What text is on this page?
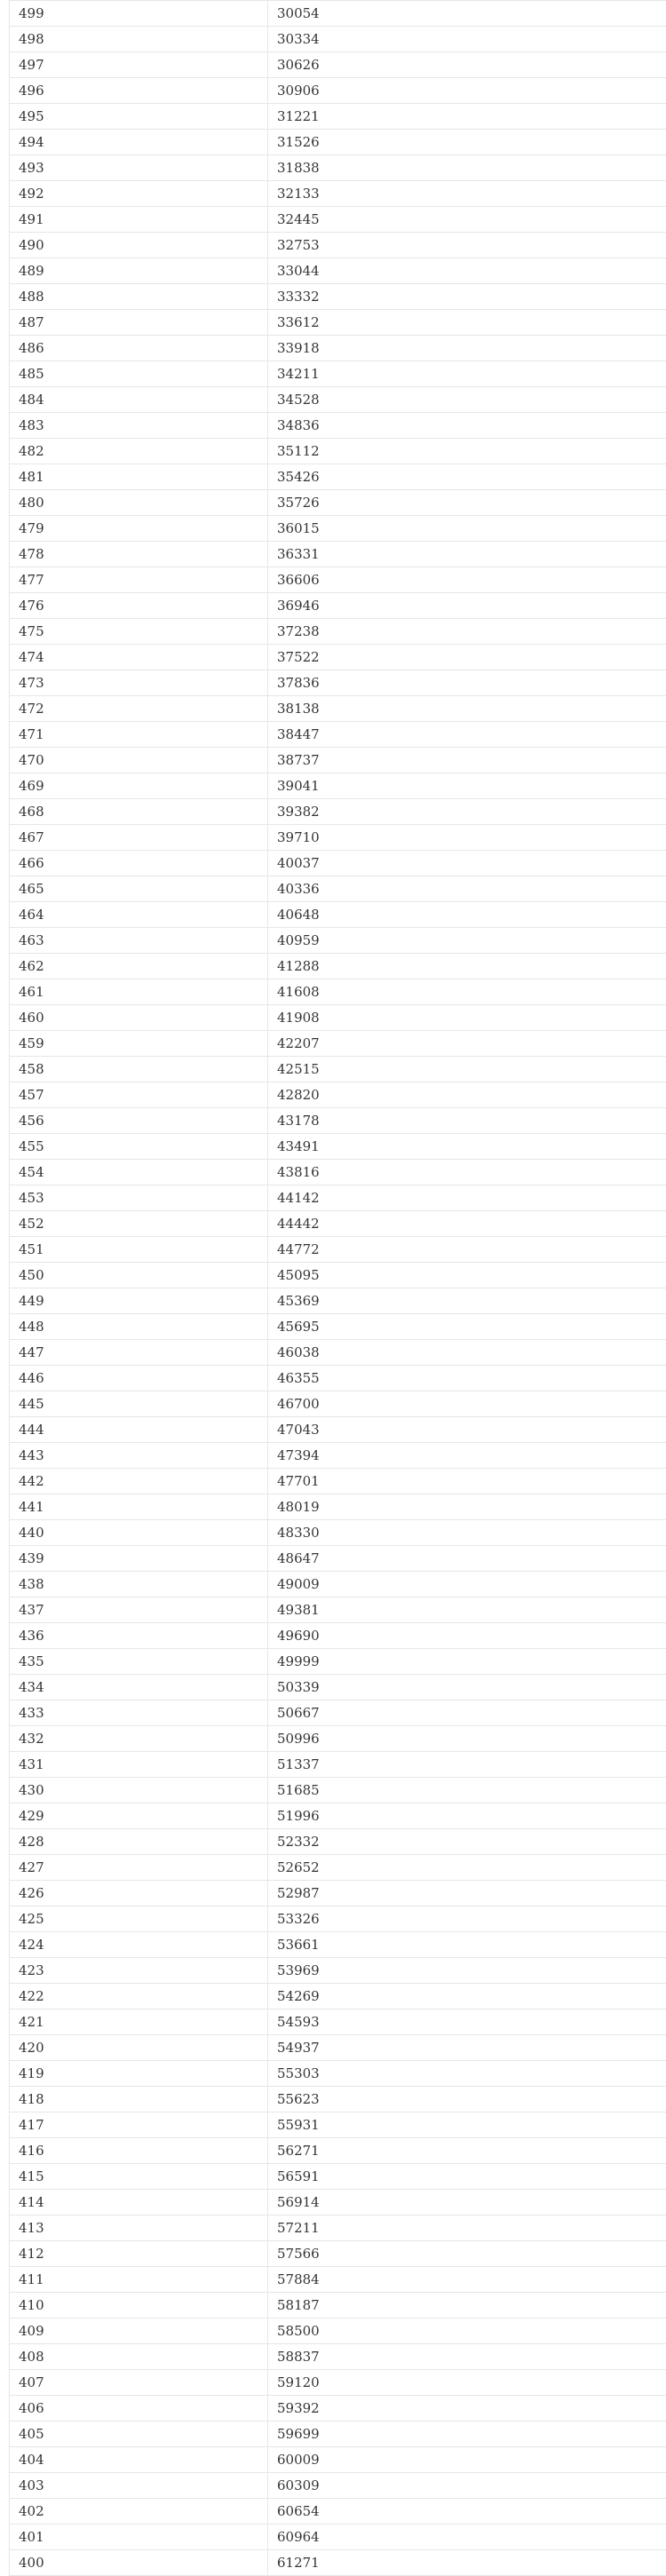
499	30054
498	30334
497	30626
496	30906
495	31221
494	31526
493	31838
492	32133
491	32445
490	32753
489	33044
488	33332
487	33612
486	33918
485	34211
484	34528
483	34836
482	35112
481	35426
480	35726
479	36015
478	36331
477	36606
476	36946
475	37238
474	37522
473	37836
472	38138
471	38447
470	38737
469	39041
468	39382
467	39710
466	40037
465	40336
464	40648
463	40959
462	41288
461	41608
460	41908
459	42207
458	42515
457	42820
456	43178
455	43491
454	43816
453	44142
452	44442
451	44772
450	45095
449	45369
448	45695
447	46038
446	46355
445	46700
444	47043
443	47394
442	47701
441	48019
440	48330
439	48647
438	49009
437	49381
436	49690
435	49999
434	50339
433	50667
432	50996
431	51337
430	51685
429	51996
428	52332
427	52652
426	52987
425	53326
424	53661
423	53969
422	54269
421	54593
420	54937
419	55303
418	55623
417	55931
416	56271
415	56591
414	56914
413	57211
412	57566
411	57884
410	58187
409	58500
408	58837
407	59120
406	59392
405	59699
404	60009
403	60309
402	60654
401	60964
400	61271
